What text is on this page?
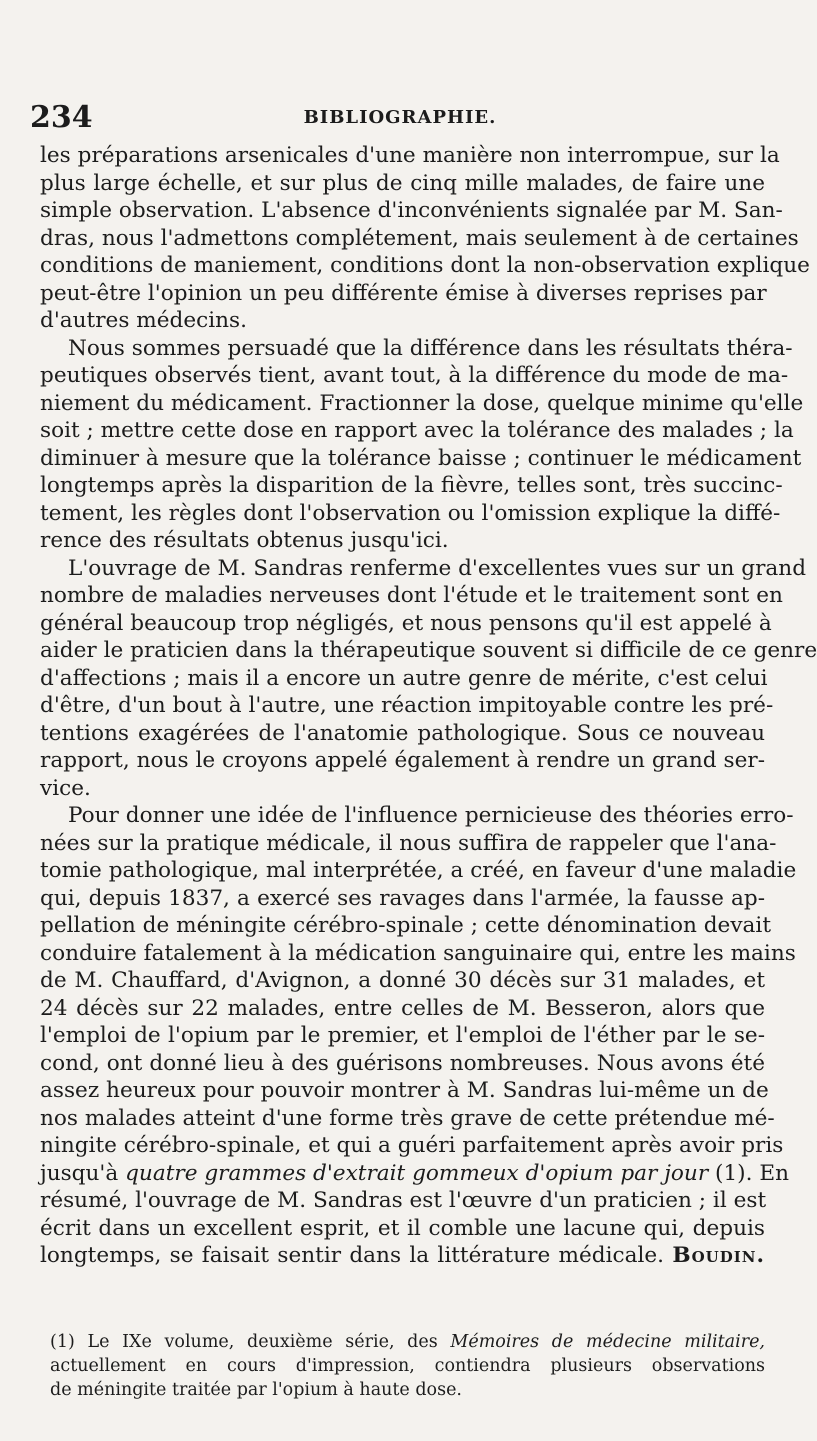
234	BIBLIOGRAPHIE.
les préparations arsenicales d'une manière non interrompue, sur la
plus large échelle, et sur plus de cinq mille malades, de faire une
simple observation. L'absence d'inconvénients signalée par M. San-
dras, nous l'admettons complétement, mais seulement à de certaines
conditions de maniement, conditions dont la non-observation explique
peut-être l'opinion un peu différente émise à diverses reprises par
d'autres médecins.
Nous sommes persuadé que la différence dans les résultats théra-
peutiques observés tient, avant tout, à la différence du mode de ma-
niement du médicament. Fractionner la dose, quelque minime qu'elle
soit ; mettre cette dose en rapport avec la tolérance des malades ; la
diminuer à mesure que la tolérance baisse ; continuer le médicament
longtemps après la disparition de la fièvre, telles sont, très succinc-
tement, les règles dont l'observation ou l'omission explique la diffé-
rence des résultats obtenus jusqu'ici.
L'ouvrage de M. Sandras renferme d'excellentes vues sur un grand
nombre de maladies nerveuses dont l'étude et le traitement sont en
général beaucoup trop négligés, et nous pensons qu'il est appelé à
aider le praticien dans la thérapeutique souvent si difficile de ce genre
d'affections ; mais il a encore un autre genre de mérite, c'est celui
d'être, d'un bout à l'autre, une réaction impitoyable contre les pré-
tentions exagérées de l'anatomie pathologique. Sous ce nouveau
rapport, nous le croyons appelé également à rendre un grand ser-
vice.
Pour donner une idée de l'influence pernicieuse des théories erro-
nées sur la pratique médicale, il nous suffira de rappeler que l'ana-
tomie pathologique, mal interprétée, a créé, en faveur d'une maladie
qui, depuis 1837, a exercé ses ravages dans l'armée, la fausse ap-
pellation de méningite cérébro-spinale ; cette dénomination devait
conduire fatalement à la médication sanguinaire qui, entre les mains
de M. Chauffard, d'Avignon, a donné 30 décès sur 31 malades, et
24 décès sur 22 malades, entre celles de M. Besseron, alors que
l'emploi de l'opium par le premier, et l'emploi de l'éther par le se-
cond, ont donné lieu à des guérisons nombreuses. Nous avons été
assez heureux pour pouvoir montrer à M. Sandras lui-même un de
nos malades atteint d'une forme très grave de cette prétendue mé-
ningite cérébro-spinale, et qui a guéri parfaitement après avoir pris
jusqu'à quatre grammes d'extrait gommeux d'opium par jour (1). En
résumé, l'ouvrage de M. Sandras est l'œuvre d'un praticien ; il est
écrit dans un excellent esprit, et il comble une lacune qui, depuis
longtemps, se faisait sentir dans la littérature médicale. Boudin.
(1) Le IXe volume, deuxième série, des Mémoires de médecine militaire,
actuellement en cours d'impression, contiendra plusieurs observations
de méningite traitée par l'opium à haute dose.
